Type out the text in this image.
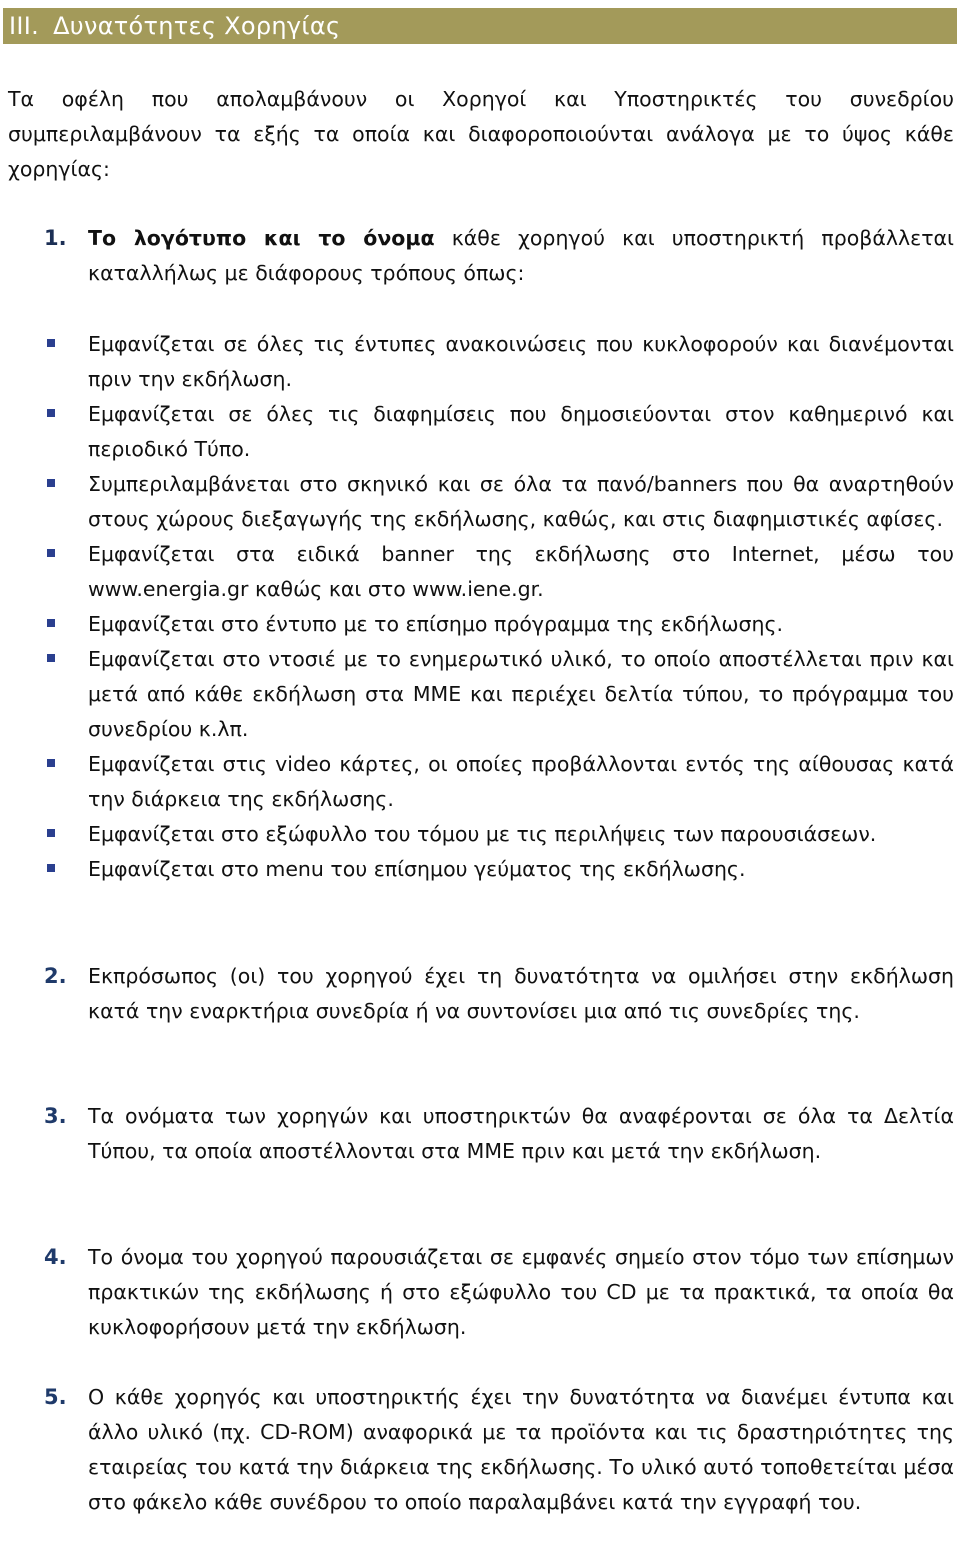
III. Δυνατότητες Χορηγίας
Τα οφέλη που απολαμβάνουν οι Χορηγοί και Υποστηρικτές του συνεδρίου συμπεριλαμβάνουν τα εξής τα οποία και διαφοροποιούνται ανάλογα με το ύψος κάθε χορηγίας:
1. Το λογότυπο και το όνομα κάθε χορηγού και υποστηρικτή προβάλλεται καταλλήλως με διάφορους τρόπους όπως:
Εμφανίζεται σε όλες τις έντυπες ανακοινώσεις που κυκλοφορούν και διανέμονται πριν την εκδήλωση.
Εμφανίζεται σε όλες τις διαφημίσεις που δημοσιεύονται στον καθημερινό και περιοδικό Τύπο.
Συμπεριλαμβάνεται στο σκηνικό και σε όλα τα πανό/banners που θα αναρτηθούν στους χώρους διεξαγωγής της εκδήλωσης, καθώς, και στις διαφημιστικές αφίσες.
Εμφανίζεται στα ειδικά banner της εκδήλωσης στο Internet, μέσω του www.energia.gr καθώς και στο www.iene.gr.
Εμφανίζεται στο έντυπο με το επίσημο πρόγραμμα της εκδήλωσης.
Εμφανίζεται στο ντοσιέ με το ενημερωτικό υλικό, το οποίο αποστέλλεται πριν και μετά από κάθε εκδήλωση στα ΜΜΕ και περιέχει δελτία τύπου, το πρόγραμμα του συνεδρίου κ.λπ.
Εμφανίζεται στις video κάρτες, οι οποίες προβάλλονται εντός της αίθουσας κατά την διάρκεια της εκδήλωσης.
Εμφανίζεται στο εξώφυλλο του τόμου με τις περιλήψεις των παρουσιάσεων.
Εμφανίζεται στο menu του επίσημου γεύματος της εκδήλωσης.
2. Εκπρόσωπος (οι) του χορηγού έχει τη δυνατότητα να ομιλήσει στην εκδήλωση κατά την εναρκτήρια συνεδρία ή να συντονίσει μια από τις συνεδρίες της.
3. Τα ονόματα των χορηγών και υποστηρικτών θα αναφέρονται σε όλα τα Δελτία Τύπου, τα οποία αποστέλλονται στα ΜΜΕ πριν και μετά την εκδήλωση.
4. Το όνομα του χορηγού παρουσιάζεται σε εμφανές σημείο στον τόμο των επίσημων πρακτικών της εκδήλωσης ή στο εξώφυλλο του CD με τα πρακτικά, τα οποία θα κυκλοφορήσουν μετά την εκδήλωση.
5. Ο κάθε χορηγός και υποστηρικτής έχει την δυνατότητα να διανέμει έντυπα και άλλο υλικό (πχ. CD-ROM) αναφορικά με τα προϊόντα και τις δραστηριότητες της εταιρείας του κατά την διάρκεια της εκδήλωσης. Το υλικό αυτό τοποθετείται μέσα στο φάκελο κάθε συνέδρου το οποίο παραλαμβάνει κατά την εγγραφή του.
